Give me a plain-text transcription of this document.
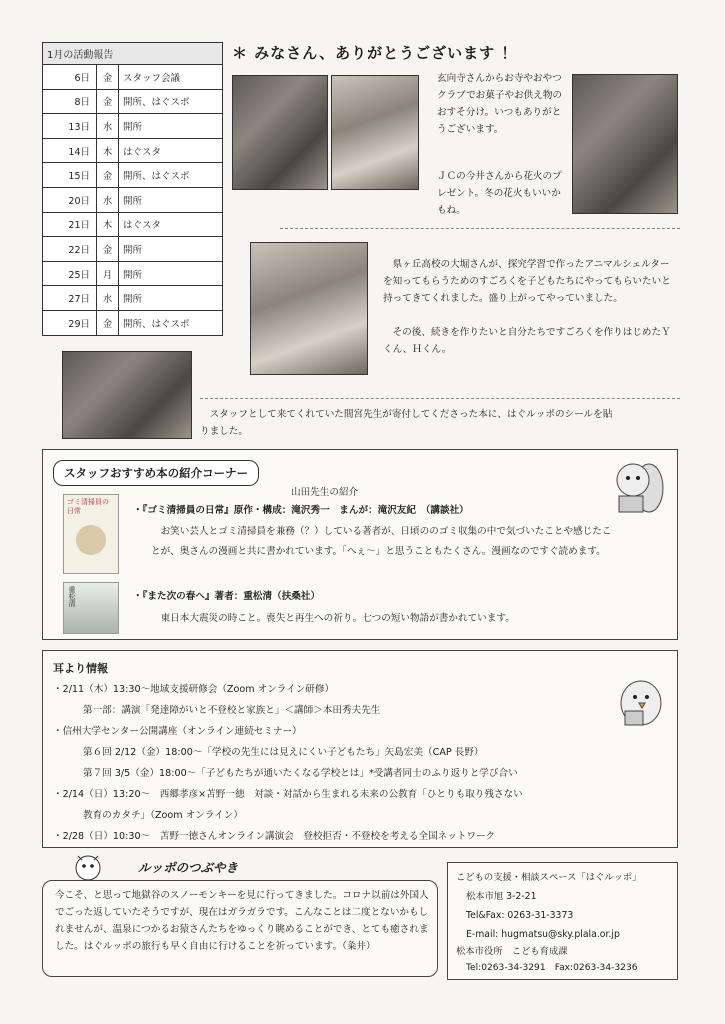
1月の活動報告		
6日	金	スタッフ会議
8日	金	開所、はぐスポ
13日	水	開所
14日	木	はぐスタ
15日	金	開所、はぐスポ
20日	水	開所
21日	木	はぐスタ
22日	金	開所
25日	月	開所
27日	水	開所
29日	金	開所、はぐスポ
＊ みなさん、ありがとうございます ！
玄向寺さんからお寺やおやつクラブでお菓子やお供え物のおすそ分け。いつもありがとうございます。
ＪＣの今井さんから花火のプレゼント。冬の花火もいいかもね。
県ヶ丘高校の大堀さんが、探究学習で作ったアニマルシェルターを知ってもらうためのすごろくを子どもたちにやってもらいたいと持ってきてくれました。盛り上がってやっていました。
その後、続きを作りたいと自分たちですごろくを作りはじめたＹくん、Ｈくん。
スタッフとして来てくれていた間宮先生が寄付してくださった本に、はぐルッポのシールを貼りました。
スタッフおすすめ本の紹介コーナー
山田先生の紹介
ゴミ清掃員の日常
重松清
・『ゴミ清掃員の日常』原作・構成：滝沢秀一　まんが：滝沢友紀　（講談社）
お笑い芸人とゴミ清掃員を兼務（？）している著者が、日頃ののゴミ収集の中で気づいたことや感じたことが、奥さんの漫画と共に書かれています。「へぇ〜」と思うこともたくさん。漫画なのですぐ読めます。
・『また次の春へ』著者：重松清（扶桑社）
東日本大震災の時こと。喪失と再生への祈り。七つの短い物語が書かれています。
耳より情報
・2/11（木）13:30〜地域支援研修会（Zoom オンライン研修）
第一部：講演「発達障がいと不登校と家族と」＜講師＞本田秀夫先生
・信州大学センター公開講座（オンライン連続セミナー）
第６回 2/12（金）18:00〜「学校の先生には見えにくい子どもたち」矢島宏美（CAP 長野）
第７回 3/5（金）18:00〜「子どもたちが通いたくなる学校とは」*受講者同士のふり返りと学び合い
・2/14（日）13:20〜　西郷孝彦×苫野一徳　対談・対話から生まれる未来の公教育「ひとりも取り残さない
教育のカタチ」（Zoom オンライン）
・2/28（日）10:30〜　苫野一徳さんオンライン講演会　登校拒否・不登校を考える全国ネットワーク
ルッポのつぶやき
今こそ、と思って地獄谷のスノーモンキーを見に行ってきました。コロナ以前は外国人でごった返していたそうですが、現在はガラガラです。こんなことは二度とないかもしれませんが、温泉につかるお猿さんたちをゆっくり眺めることができ、とても癒されました。はぐルッポの旅行も早く自由に行けることを祈っています。（粂井）
こどもの支援・相談スペース「はぐルッポ」
松本市旭 3-2-21
Tel&Fax: 0263-31-3373
E-mail: hugmatsu@sky.plala.or.jp
松本市役所　こども育成課
Tel:0263-34-3291　Fax:0263-34-3236
